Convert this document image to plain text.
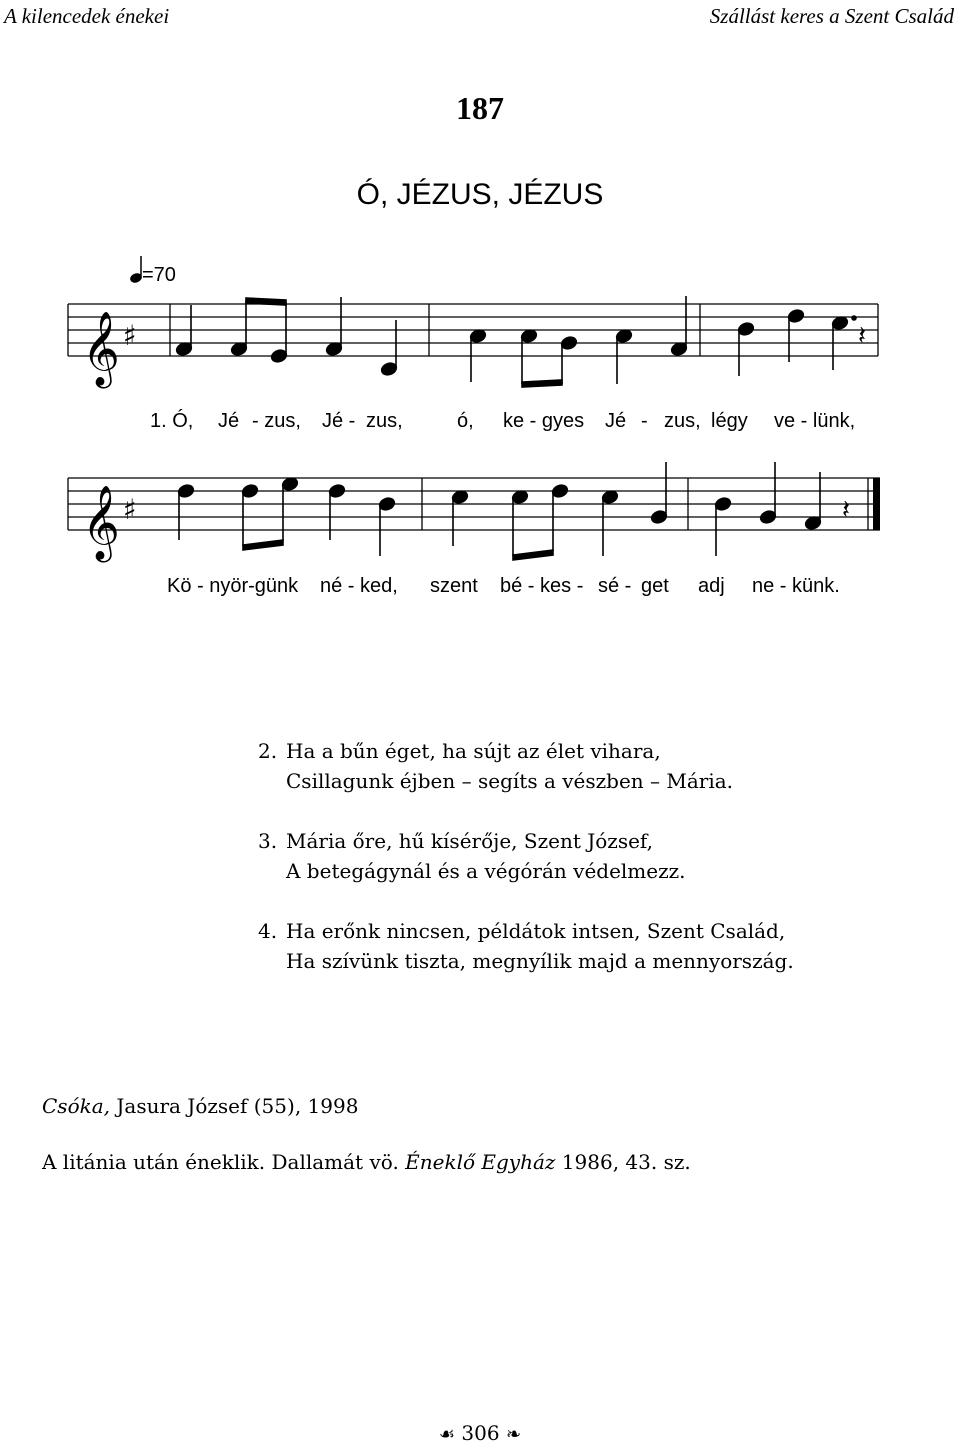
A kilencedek énekei	Szállást keres a Szent Család
187
Ó, JÉZUS, JÉZUS
=70
𝄞 ♯	𝄽
1. Ó, Jé - zus, Jé - zus,	ó, ke - gyes Jé - zus, légy ve - lünk,
𝄞 ♯	𝄽
Kö - nyör-günk né - ked, szent bé - kes - sé - get adj ne - künk.
2. Ha a bűn éget, ha sújt az élet vihara,
Csillagunk éjben – segíts a vészben – Mária.
3. Mária őre, hű kísérője, Szent József,
A betegágynál és a végórán védelmezz.
4. Ha erőnk nincsen, példátok intsen, Szent Család,
Ha szívünk tiszta, megnyílik majd a mennyország.
Csóka, Jasura József (55), 1998
A litánia után éneklik. Dallamát vö. Éneklő Egyház 1986, 43. sz.
☙ 306 ❧
